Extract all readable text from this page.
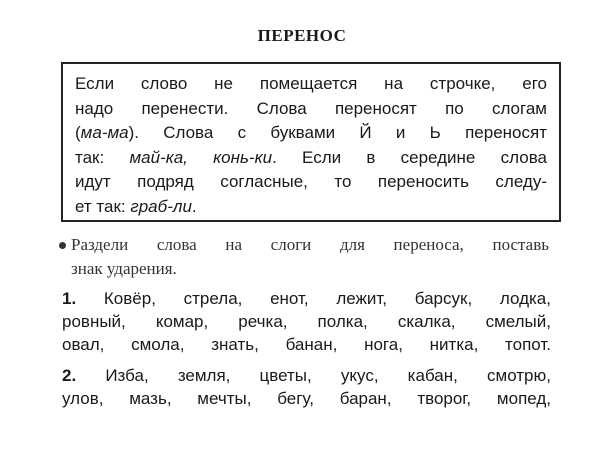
ПЕРЕНОС
Если слово не помещается на строчке, его
надо перенести. Слова переносят по слогам
(ма-ма). Слова с буквами Й и Ь переносят
так: май-ка, конь-ки. Если в середине слова
идут подряд согласные, то переносить следу-
ет так: граб-ли.
Раздели слова на слоги для переноса, поставь
знак ударения.
1. Ковёр, стрела, енот, лежит, барсук, лодка,
ровный, комар, речка, полка, скалка, смелый,
овал, смола, знать, банан, нога, нитка, топот.
2. Изба, земля, цветы, укус, кабан, смотрю,
улов, мазь, мечты, бегу, баран, творог, мопед,
